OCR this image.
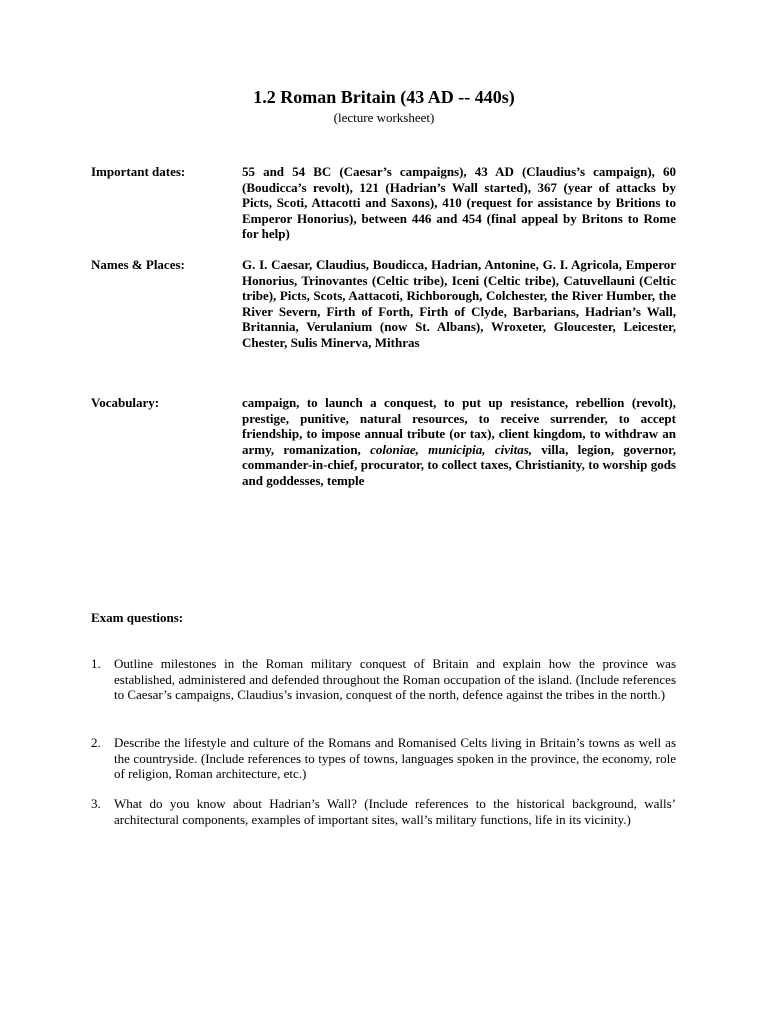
1.2 Roman Britain (43 AD -- 440s)
(lecture worksheet)
Important dates:	55 and 54 BC (Caesar’s campaigns), 43 AD (Claudius’s campaign), 60 (Boudicca’s revolt), 121 (Hadrian’s Wall started), 367 (year of attacks by Picts, Scoti, Attacotti and Saxons), 410 (request for assistance by Britions to Emperor Honorius), between 446 and 454 (final appeal by Britons to Rome for help)
Names & Places:	G. I. Caesar, Claudius, Boudicca, Hadrian, Antonine, G. I. Agricola, Emperor Honorius, Trinovantes (Celtic tribe), Iceni (Celtic tribe), Catuvellauni (Celtic tribe), Picts, Scots, Aattacoti, Richborough, Colchester, the River Humber, the River Severn, Firth of Forth, Firth of Clyde, Barbarians, Hadrian’s Wall, Britannia, Verulanium (now St. Albans), Wroxeter, Gloucester, Leicester, Chester, Sulis Minerva, Mithras
Vocabulary:	campaign, to launch a conquest, to put up resistance, rebellion (revolt), prestige, punitive, natural resources, to receive surrender, to accept friendship, to impose annual tribute (or tax), client kingdom, to withdraw an army, romanization, coloniae, municipia, civitas, villa, legion, governor, commander-in-chief, procurator, to collect taxes, Christianity, to worship gods and goddesses, temple
Exam questions:
1.	Outline milestones in the Roman military conquest of Britain and explain how the province was established, administered and defended throughout the Roman occupation of the island. (Include references to Caesar’s campaigns, Claudius’s invasion, conquest of the north, defence against the tribes in the north.)
2.	Describe the lifestyle and culture of the Romans and Romanised Celts living in Britain’s towns as well as the countryside. (Include references to types of towns, languages spoken in the province, the economy, role of religion, Roman architecture, etc.)
3.	What do you know about Hadrian’s Wall? (Include references to the historical background, walls’ architectural components, examples of important sites, wall’s military functions, life in its vicinity.)
